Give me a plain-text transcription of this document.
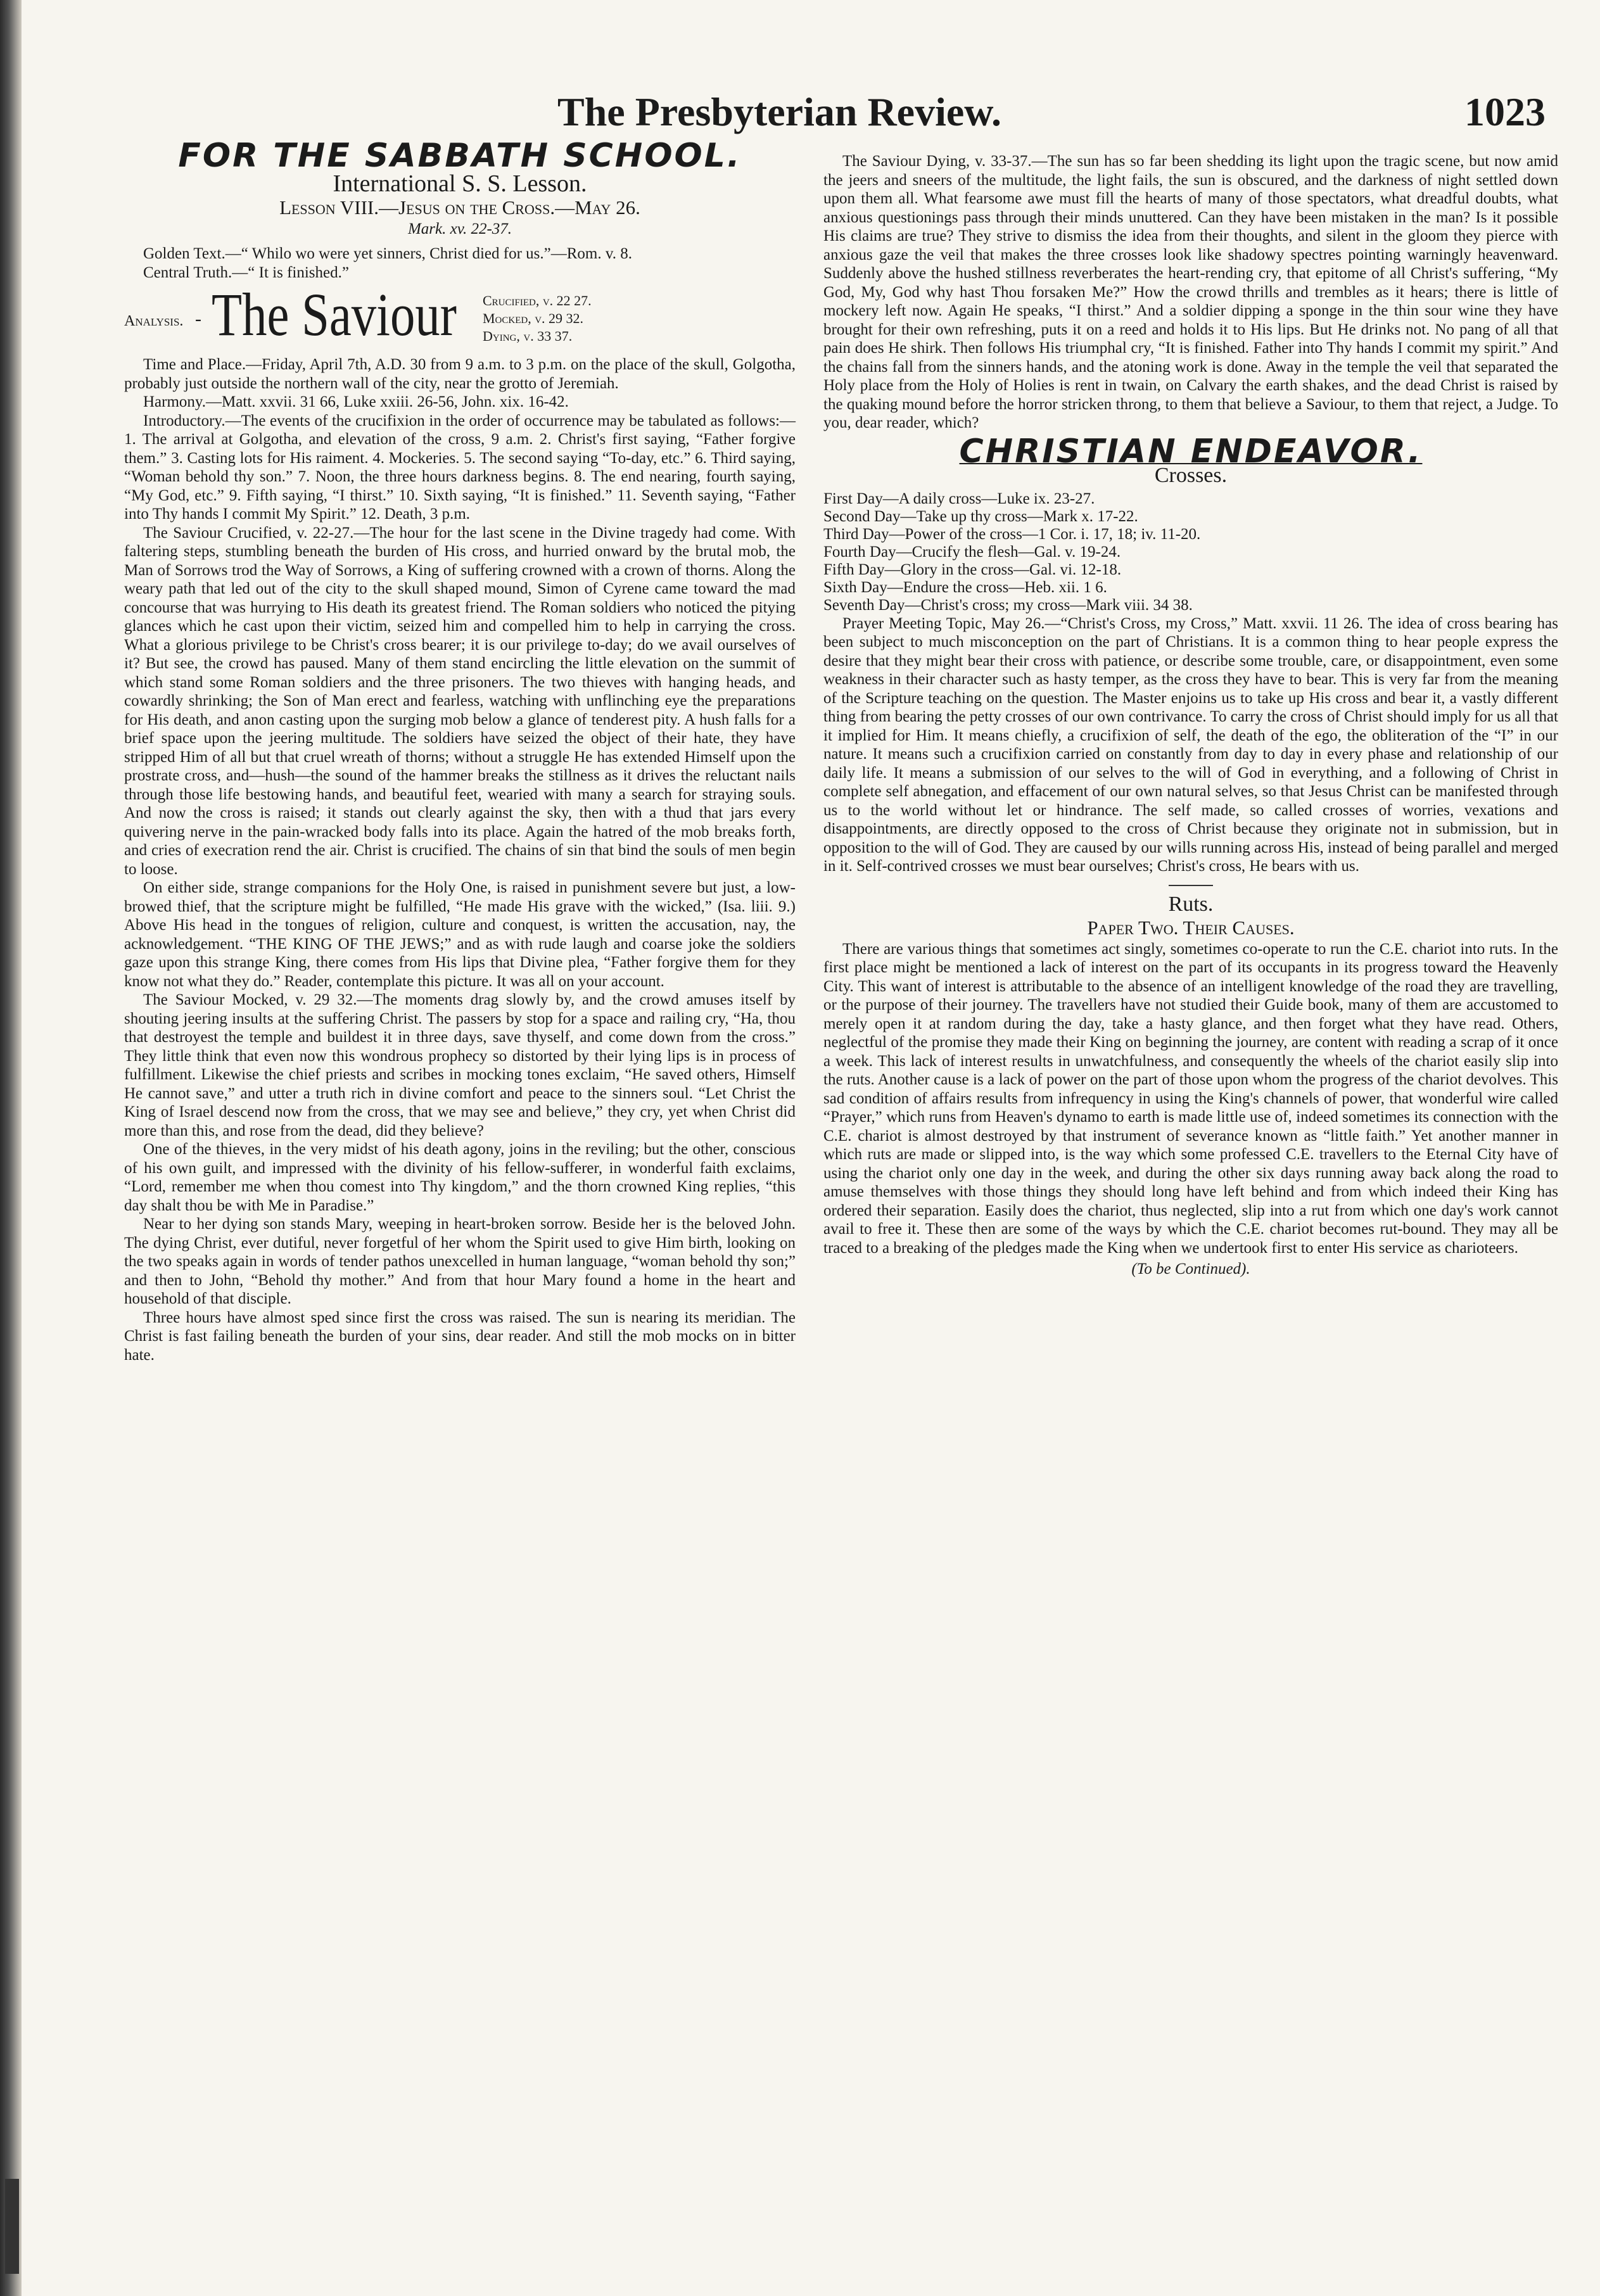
The Presbyterian Review.	1023
FOR THE SABBATH SCHOOL.
International S. S. Lesson.
Lesson VIII.—Jesus on the Cross.—May 26.
Mark. xv. 22-37.

Golden Text.—“ Whilo wo were yet sinners, Christ died for us.”—Rom. v. 8.

Central Truth.—“ It is finished.”

Analysis. - The Saviour Crucified, v. 22 27.
Mocked, v. 29 32.
Dying, v. 33 37.

Time and Place.—Friday, April 7th, A.D. 30 from 9 a.m. to 3 p.m. on the place of the skull, Golgotha, probably just outside the northern wall of the city, near the grotto of Jeremiah.

Harmony.—Matt. xxvii. 31 66, Luke xxiii. 26-56, John. xix. 16-42.

Introductory.—The events of the crucifixion in the order of occurrence may be tabulated as follows:—1. The arrival at Golgotha, and elevation of the cross, 9 a.m. 2. Christ's first saying, “Father forgive them.” 3. Casting lots for His raiment. 4. Mockeries. 5. The second saying “To-day, etc.” 6. Third saying, “Woman behold thy son.” 7. Noon, the three hours darkness begins. 8. The end nearing, fourth saying, “My God, etc.” 9. Fifth saying, “I thirst.” 10. Sixth saying, “It is finished.” 11. Seventh saying, “Father into Thy hands I commit My Spirit.” 12. Death, 3 p.m.

The Saviour Crucified, v. 22-27.—The hour for the last scene in the Divine tragedy had come. With faltering steps, stumbling beneath the burden of His cross, and hurried onward by the brutal mob, the Man of Sorrows trod the Way of Sorrows, a King of suffering crowned with a crown of thorns. Along the weary path that led out of the city to the skull shaped mound, Simon of Cyrene came toward the mad concourse that was hurrying to His death its greatest friend. The Roman soldiers who noticed the pitying glances which he cast upon their victim, seized him and compelled him to help in carrying the cross. What a glorious privilege to be Christ's cross bearer; it is our privilege to-day; do we avail ourselves of it? But see, the crowd has paused. Many of them stand encircling the little elevation on the summit of which stand some Roman soldiers and the three prisoners. The two thieves with hanging heads, and cowardly shrinking; the Son of Man erect and fearless, watching with unflinching eye the preparations for His death, and anon casting upon the surging mob below a glance of tenderest pity. A hush falls for a brief space upon the jeering multitude. The soldiers have seized the object of their hate, they have stripped Him of all but that cruel wreath of thorns; without a struggle He has extended Himself upon the prostrate cross, and—hush—the sound of the hammer breaks the stillness as it drives the reluctant nails through those life bestowing hands, and beautiful feet, wearied with many a search for straying souls. And now the cross is raised; it stands out clearly against the sky, then with a thud that jars every quivering nerve in the pain-wracked body falls into its place. Again the hatred of the mob breaks forth, and cries of execration rend the air. Christ is crucified. The chains of sin that bind the souls of men begin to loose.

On either side, strange companions for the Holy One, is raised in punishment severe but just, a low-browed thief, that the scripture might be fulfilled, “He made His grave with the wicked,” (Isa. liii. 9.) Above His head in the tongues of religion, culture and conquest, is written the accusation, nay, the acknowledgement. “THE KING OF THE JEWS;” and as with rude laugh and coarse joke the soldiers gaze upon this strange King, there comes from His lips that Divine plea, “Father forgive them for they know not what they do.” Reader, contemplate this picture. It was all on your account.

The Saviour Mocked, v. 29 32.—The moments drag slowly by, and the crowd amuses itself by shouting jeering insults at the suffering Christ. The passers by stop for a space and railing cry, “Ha, thou that destroyest the temple and buildest it in three days, save thyself, and come down from the cross.” They little think that even now this wondrous prophecy so distorted by their lying lips is in process of fulfillment. Likewise the chief priests and scribes in mocking tones exclaim, “He saved others, Himself He cannot save,” and utter a truth rich in divine comfort and peace to the sinners soul. “Let Christ the King of Israel descend now from the cross, that we may see and believe,” they cry, yet when Christ did more than this, and rose from the dead, did they believe?

One of the thieves, in the very midst of his death agony, joins in the reviling; but the other, conscious of his own guilt, and impressed with the divinity of his fellow-sufferer, in wonderful faith exclaims, “Lord, remember me when thou comest into Thy kingdom,” and the thorn crowned King replies, “this day shalt thou be with Me in Paradise.”

Near to her dying son stands Mary, weeping in heart-broken sorrow. Beside her is the beloved John. The dying Christ, ever dutiful, never forgetful of her whom the Spirit used to give Him birth, looking on the two speaks again in words of tender pathos unexcelled in human language, “woman behold thy son;” and then to John, “Behold thy mother.” And from that hour Mary found a home in the heart and household of that disciple.

Three hours have almost sped since first the cross was raised. The sun is nearing its meridian. The Christ is fast failing beneath the burden of your sins, dear reader. And still the mob mocks on in bitter hate.

The Saviour Dying, v. 33-37.—The sun has so far been shedding its light upon the tragic scene, but now amid the jeers and sneers of the multitude, the light fails, the sun is obscured, and the darkness of night settled down upon them all. What fearsome awe must fill the hearts of many of those spectators, what dreadful doubts, what anxious questionings pass through their minds unuttered. Can they have been mistaken in the man? Is it possible His claims are true? They strive to dismiss the idea from their thoughts, and silent in the gloom they pierce with anxious gaze the veil that makes the three crosses look like shadowy spectres pointing warningly heavenward. Suddenly above the hushed stillness reverberates the heart-rending cry, that epitome of all Christ's suffering, “My God, My, God why hast Thou forsaken Me?” How the crowd thrills and trembles as it hears; there is little of mockery left now. Again He speaks, “I thirst.” And a soldier dipping a sponge in the thin sour wine they have brought for their own refreshing, puts it on a reed and holds it to His lips. But He drinks not. No pang of all that pain does He shirk. Then follows His triumphal cry, “It is finished. Father into Thy hands I commit my spirit.” And the chains fall from the sinners hands, and the atoning work is done. Away in the temple the veil that separated the Holy place from the Holy of Holies is rent in twain, on Calvary the earth shakes, and the dead Christ is raised by the quaking mound before the horror stricken throng, to them that believe a Saviour, to them that reject, a Judge. To you, dear reader, which?

CHRISTIAN ENDEAVOR.
Crosses.
First Day—A daily cross—Luke ix. 23-27.
Second Day—Take up thy cross—Mark x. 17-22.
Third Day—Power of the cross—1 Cor. i. 17, 18; iv. 11-20.
Fourth Day—Crucify the flesh—Gal. v. 19-24.
Fifth Day—Glory in the cross—Gal. vi. 12-18.
Sixth Day—Endure the cross—Heb. xii. 1 6.
Seventh Day—Christ's cross; my cross—Mark viii. 34 38.

Prayer Meeting Topic, May 26.—“Christ's Cross, my Cross,” Matt. xxvii. 11 26. The idea of cross bearing has been subject to much misconception on the part of Christians. It is a common thing to hear people express the desire that they might bear their cross with patience, or describe some trouble, care, or disappointment, even some weakness in their character such as hasty temper, as the cross they have to bear. This is very far from the meaning of the Scripture teaching on the question. The Master enjoins us to take up His cross and bear it, a vastly different thing from bearing the petty crosses of our own contrivance. To carry the cross of Christ should imply for us all that it implied for Him. It means chiefly, a crucifixion of self, the death of the ego, the obliteration of the “I” in our nature. It means such a crucifixion carried on constantly from day to day in every phase and relationship of our daily life. It means a submission of our selves to the will of God in everything, and a following of Christ in complete self abnegation, and effacement of our own natural selves, so that Jesus Christ can be manifested through us to the world without let or hindrance. The self made, so called crosses of worries, vexations and disappointments, are directly opposed to the cross of Christ because they originate not in submission, but in opposition to the will of God. They are caused by our wills running across His, instead of being parallel and merged in it. Self-contrived crosses we must bear ourselves; Christ's cross, He bears with us.

Ruts.
Paper Two. Their Causes.

There are various things that sometimes act singly, sometimes co-operate to run the C.E. chariot into ruts. In the first place might be mentioned a lack of interest on the part of its occupants in its progress toward the Heavenly City. This want of interest is attributable to the absence of an intelligent knowledge of the road they are travelling, or the purpose of their journey. The travellers have not studied their Guide book, many of them are accustomed to merely open it at random during the day, take a hasty glance, and then forget what they have read. Others, neglectful of the promise they made their King on beginning the journey, are content with reading a scrap of it once a week. This lack of interest results in unwatchfulness, and consequently the wheels of the chariot easily slip into the ruts. Another cause is a lack of power on the part of those upon whom the progress of the chariot devolves. This sad condition of affairs results from infrequency in using the King's channels of power, that wonderful wire called “Prayer,” which runs from Heaven's dynamo to earth is made little use of, indeed sometimes its connection with the C.E. chariot is almost destroyed by that instrument of severance known as “little faith.” Yet another manner in which ruts are made or slipped into, is the way which some professed C.E. travellers to the Eternal City have of using the chariot only one day in the week, and during the other six days running away back along the road to amuse themselves with those things they should long have left behind and from which indeed their King has ordered their separation. Easily does the chariot, thus neglected, slip into a rut from which one day's work cannot avail to free it. These then are some of the ways by which the C.E. chariot becomes rut-bound. They may all be traced to a breaking of the pledges made the King when we undertook first to enter His service as charioteers.

(To be Continued).
